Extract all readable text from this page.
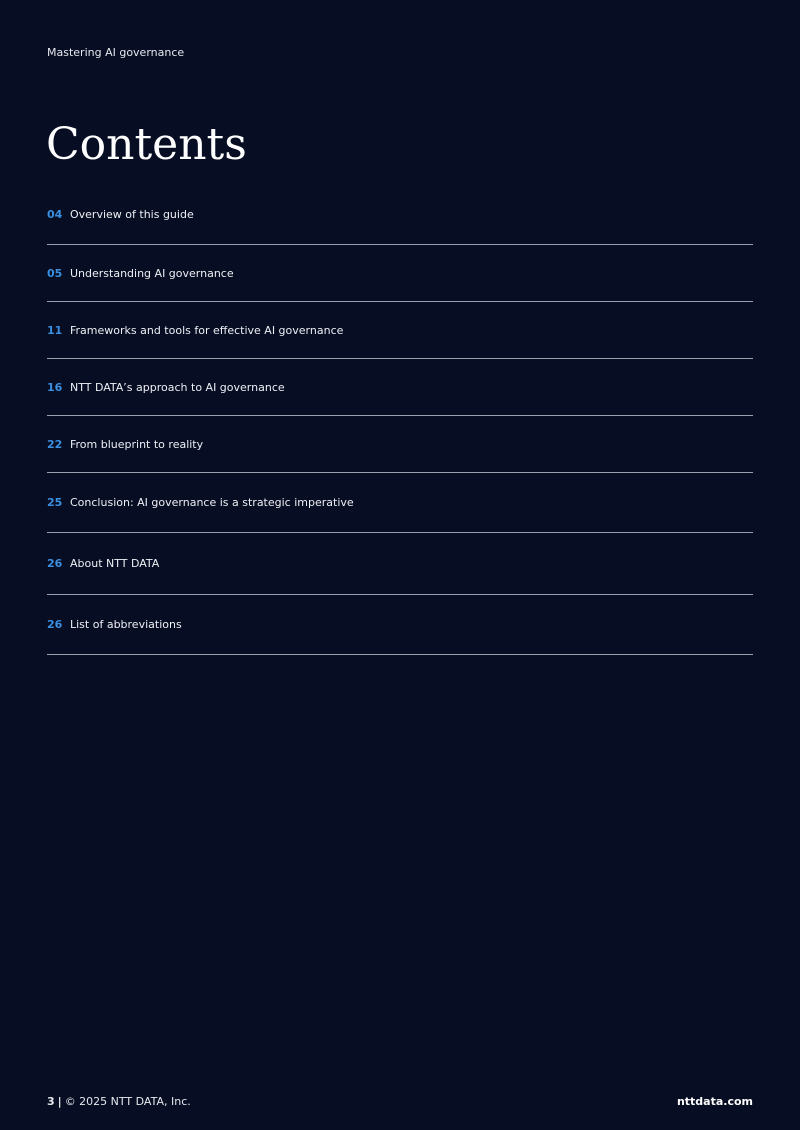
Mastering AI governance
Contents
04 Overview of this guide
05 Understanding AI governance
11 Frameworks and tools for effective AI governance
16 NTT DATA’s approach to AI governance
22 From blueprint to reality
25 Conclusion: AI governance is a strategic imperative
26 About NTT DATA
26 List of abbreviations
3 | © 2025 NTT DATA, Inc.	nttdata.com
